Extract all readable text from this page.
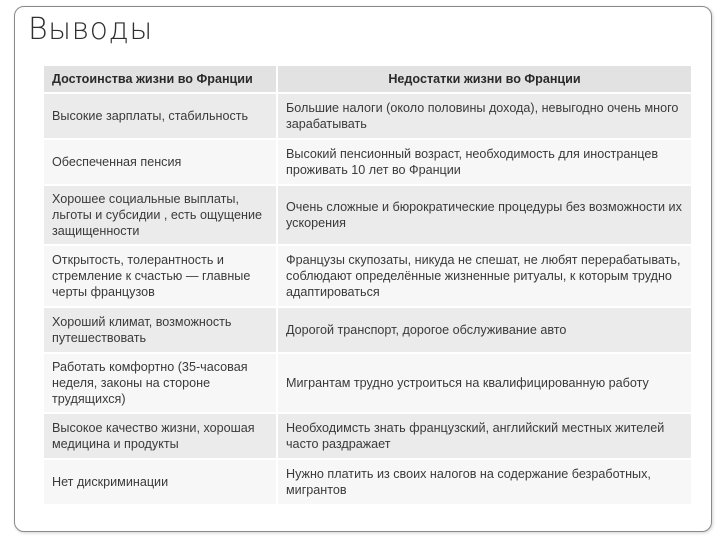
Выводы
Достоинства жизни во Франции	Недостатки жизни во Франции
Высокие зарплаты, стабильность	Большие налоги (около половины дохода), невыгодно очень много зарабатывать
Обеспеченная пенсия	Высокий пенсионный возраст, необходимость для иностранцев проживать 10 лет во Франции
Хорошее социальные выплаты, льготы и субсидии , есть ощущение защищенности	Очень сложные и бюрократические процедуры без возможности их ускорения
Открытость, толерантность и стремление к счастью — главные черты французов	Французы скупозаты, никуда не спешат, не любят перерабатывать, соблюдают определённые жизненные ритуалы, к которым трудно адаптироваться
Хороший климат, возможность путешествовать	Дорогой транспорт, дорогое обслуживание авто
Работать комфортно (35-часовая неделя, законы на стороне трудящихся)	Мигрантам трудно устроиться на квалифицированную работу
Высокое качество жизни, хорошая медицина и продукты	Необходимсть знать французский, английский местных жителей часто раздражает
Нет дискриминации	Нужно платить из своих налогов на содержание безработных, мигрантов
